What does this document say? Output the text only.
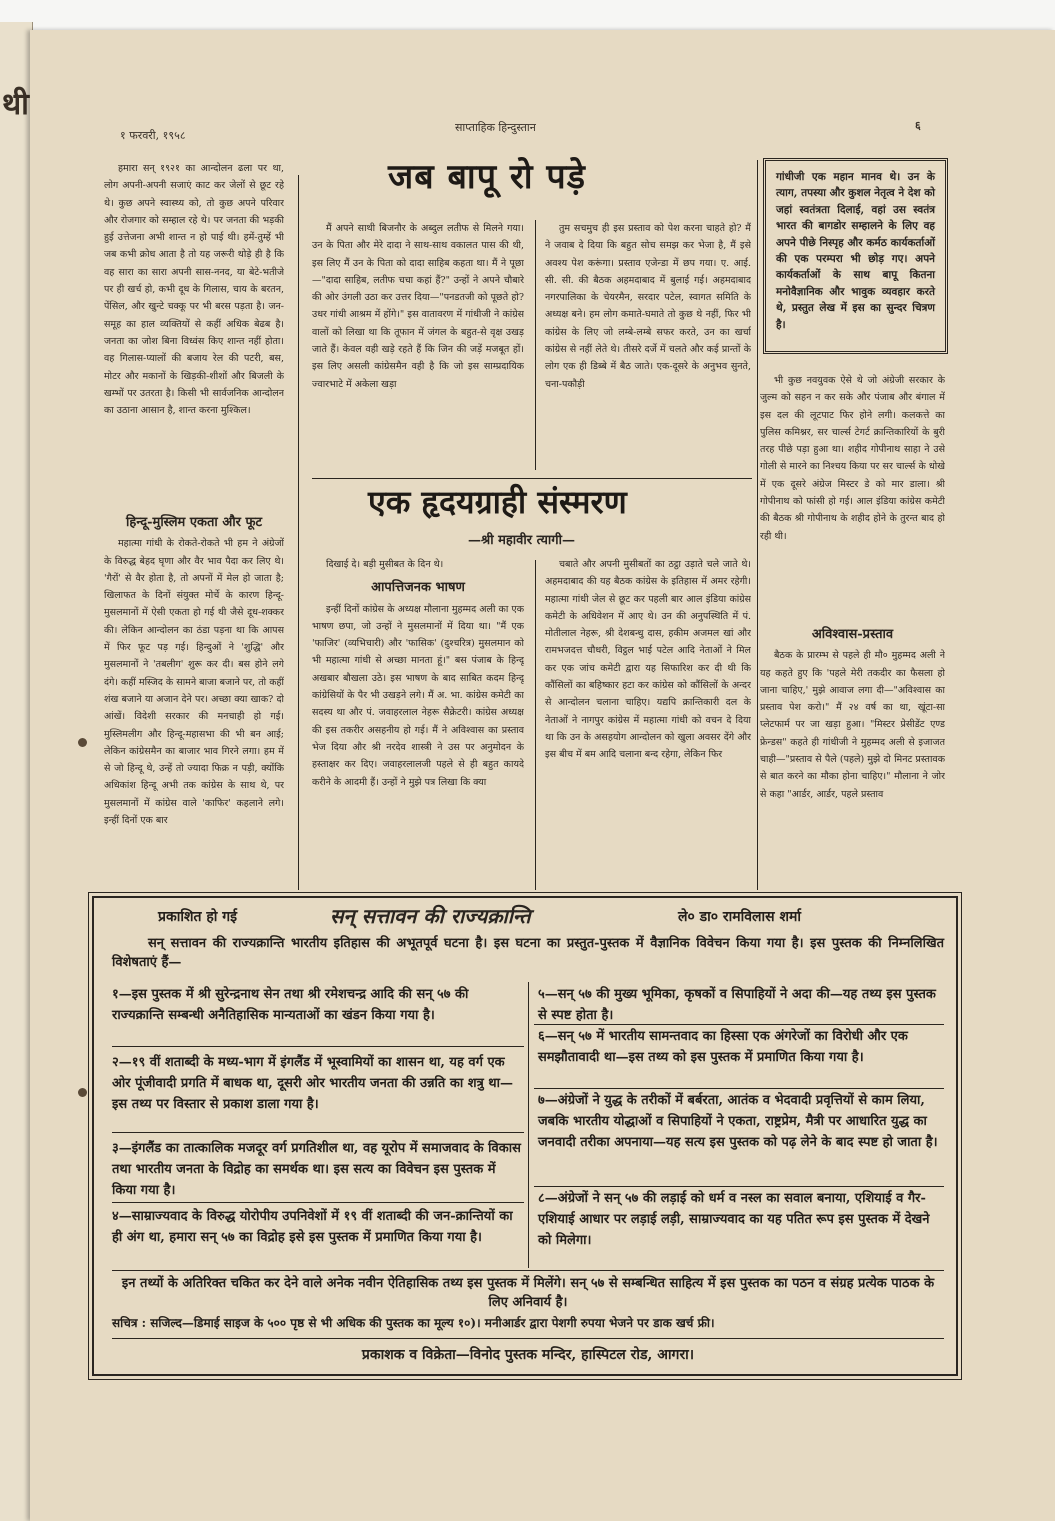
थी
१ फरवरी, १९५८
साप्ताहिक हिन्दुस्तान	६
जब बापू रो पड़े

हमारा सन् १९२१ का आन्दोलन ढला पर था, लोग अपनी-अपनी सजाएं काट कर जेलों से छूट रहे थे। कुछ अपने स्वास्थ्य को, तो कुछ अपने परिवार और रोजगार को सम्हाल रहे थे। पर जनता की भड़की हुई उत्तेजना अभी शान्त न हो पाई थी। हमें-तुम्हें भी जब कभी क्रोध आता है तो यह जरूरी थोड़े ही है कि वह सारा का सारा अपनी सास-ननद, या बेटे-भतीजे पर ही खर्च हो, कभी दूध के गिलास, चाय के बरतन, पेंसिल, और खुन्टे चक्कू पर भी बरस पड़ता है। जन-समूह का हाल व्यक्तियों से कहीं अधिक बेढब है। जनता का जोश बिना विध्वंस किए शान्त नहीं होता। वह गिलास-प्यालों की बजाय रेल की पटरी, बस, मोटर और मकानों के खिड़की-शीशों और बिजली के खम्भों पर उतरता है। किसी भी सार्वजनिक आन्दोलन का उठाना आसान है, शान्त करना मुश्किल।

हिन्दू-मुस्लिम एकता और फूट

महात्मा गांधी के रोकते-रोकते भी हम ने अंग्रेजों के विरुद्ध बेहद घृणा और वैर भाव पैदा कर लिए थे। 'गैरों' से वैर होता है, तो अपनों में मेल हो जाता है; खिलाफत के दिनों संयुक्त मोर्चे के कारण हिन्दू-मुसलमानों में ऐसी एकता हो गई थी जैसे दूध-शक्कर की। लेकिन आन्दोलन का ठंडा पड़ना था कि आपस में फिर फूट पड़ गई। हिन्दुओं ने 'शुद्धि' और मुसलमानों ने 'तबलीग' शुरू कर दी। बस होने लगे दंगे। कहीं मस्जिद के सामने बाजा बजाने पर, तो कहीं शंख बजाने या अजान देने पर। अच्छा क्या खाक? दो आंखें। विदेशी सरकार की मनचाही हो गई। मुस्लिमलीग और हिन्दू-महासभा की भी बन आई; लेकिन कांग्रेसमैन का बाजार भाव गिरने लगा। हम में से जो हिन्दू थे, उन्हें तो ज्यादा फिक्र न पड़ी, क्योंकि अधिकांश हिन्दू अभी तक कांग्रेस के साथ थे, पर मुसलमानों में कांग्रेस वाले 'काफिर' कहलाने लगे। इन्हीं दिनों एक बार

मैं अपने साथी बिजनौर के अब्दुल लतीफ से मिलने गया। उन के पिता और मेरे दादा ने साथ-साथ वकालत पास की थी, इस लिए मैं उन के पिता को दादा साहिब कहता था। मैं ने पूछा—"दादा साहिब, लतीफ चचा कहां हैं?" उन्हों ने अपने चौबारे की ओर उंगली उठा कर उत्तर दिया—"पनडतजी को पूछते हो? उधर गांधी आश्रम में होंगे।" इस वातावरण में गांधीजी ने कांग्रेस वालों को लिखा था कि तूफान में जंगल के बहुत-से वृक्ष उखड़ जाते हैं। केवल वही खड़े रहते हैं कि जिन की जड़ें मजबूत हों। इस लिए असली कांग्रेसमैन वही है कि जो इस साम्प्रदायिक ज्वारभाटे में अकेला खड़ा

तुम सचमुच ही इस प्रस्ताव को पेश करना चाहते हो? मैं ने जवाब दे दिया कि बहुत सोच समझ कर भेजा है, मैं इसे अवश्य पेश करूंगा। प्रस्ताव एजेन्डा में छप गया। ए. आई. सी. सी. की बैठक अहमदाबाद में बुलाई गई। अहमदाबाद नगरपालिका के चेयरमैन, सरदार पटेल, स्वागत समिति के अध्यक्ष बने। हम लोग कमाते-घमाते तो कुछ थे नहीं, फिर भी कांग्रेस के लिए जो लम्बे-लम्बे सफर करते, उन का खर्चा कांग्रेस से नहीं लेते थे। तीसरे दर्जे में चलते और कई प्रान्तों के लोग एक ही डिब्बे में बैठ जाते। एक-दूसरे के अनुभव सुनते, चना-पकौड़ी

गांधीजी एक महान मानव थे। उन के त्याग, तपस्या और कुशल नेतृत्व ने देश को जहां स्वतंत्रता दिलाई, वहां उस स्वतंत्र भारत की बागडोर सम्हालने के लिए वह अपने पीछे निस्पृह और कर्मठ कार्यकर्ताओं की एक परम्परा भी छोड़ गए। अपने कार्यकर्ताओं के साथ बापू कितना मनोवैज्ञानिक और भावुक व्यवहार करते थे, प्रस्तुत लेख में इस का सुन्दर चित्रण है।

भी कुछ नवयुवक ऐसे थे जो अंग्रेजी सरकार के जुल्म को सहन न कर सके और पंजाब और बंगाल में इस दल की लूटपाट फिर होने लगी। कलकत्ते का पुलिस कमिश्नर, सर चार्ल्स टेगर्ट क्रान्तिकारियों के बुरी तरह पीछे पड़ा हुआ था। शहीद गोपीनाथ साहा ने उसे गोली से मारने का निश्चय किया पर सर चार्ल्स के धोखे में एक दूसरे अंग्रेज मिस्टर डे को मार डाला। श्री गोपीनाथ को फांसी हो गई। आल इंडिया कांग्रेस कमेटी की बैठक श्री गोपीनाथ के शहीद होने के तुरन्त बाद हो रही थी।

अविश्वास-प्रस्ताव

बैठक के प्रारम्भ से पहले ही मौ० मुहम्मद अली ने यह कहते हुए कि 'पहले मेरी तकदीर का फैसला हो जाना चाहिए,' मुझे आवाज लगा दी—"अविश्वास का प्रस्ताव पेश करो।" मैं २४ वर्ष का था, खूंटा-सा प्लेटफार्म पर जा खड़ा हुआ। "मिस्टर प्रेसीडेंट एण्ड फ्रेन्डस" कहते ही गांधीजी ने मुहम्मद अली से इजाजत चाही—"प्रस्ताव से पैले (पहले) मुझे दो मिनट प्रस्तावक से बात करने का मौका होना चाहिए।" मौलाना ने जोर से कहा "आर्डर, आर्डर, पहले प्रस्ताव

एक हृदयग्राही संस्मरण
—श्री महावीर त्यागी—

दिखाई दे। बड़ी मुसीबत के दिन थे।

आपत्तिजनक भाषण

इन्हीं दिनों कांग्रेस के अध्यक्ष मौलाना मुहम्मद अली का एक भाषण छपा, जो उन्हों ने मुसलमानों में दिया था। "मैं एक 'फाजिर' (व्यभिचारी) और 'फासिक' (दुश्चरित्र) मुसलमान को भी महात्मा गांधी से अच्छा मानता हूं।" बस पंजाब के हिन्दू अखबार बौखला उठे। इस भाषण के बाद साबित कदम हिन्दू कांग्रेसियों के पैर भी उखड़ने लगे। मैं अ. भा. कांग्रेस कमेटी का सदस्य था और पं. जवाहरलाल नेहरू सैक्रेटरी। कांग्रेस अध्यक्ष की इस तकरीर असहनीय हो गई। मैं ने अविश्वास का प्रस्ताव भेज दिया और श्री नरदेव शास्त्री ने उस पर अनुमोदन के हस्ताक्षर कर दिए। जवाहरलालजी पहले से ही बहुत कायदे करीने के आदमी हैं। उन्हों ने मुझे पत्र लिखा कि क्या

चबाते और अपनी मुसीबतों का ठट्ठा उड़ाते चले जाते थे। अहमदाबाद की यह बैठक कांग्रेस के इतिहास में अमर रहेगी। महात्मा गांधी जेल से छूट कर पहली बार आल इंडिया कांग्रेस कमेटी के अधिवेशन में आए थे। उन की अनुपस्थिति में पं. मोतीलाल नेहरू, श्री देशबन्धु दास, हकीम अजमल खां और रामभजदत्त चौधरी, विट्ठल भाई पटेल आदि नेताओं ने मिल कर एक जांच कमेटी द्वारा यह सिफारिश कर दी थी कि कौंसिलों का बहिष्कार हटा कर कांग्रेस को कौंसिलों के अन्दर से आन्दोलन चलाना चाहिए। यद्यपि क्रान्तिकारी दल के नेताओं ने नागपुर कांग्रेस में महात्मा गांधी को वचन दे दिया था कि उन के असहयोग आन्दोलन को खुला अवसर देंगे और इस बीच में बम आदि चलाना बन्द रहेगा, लेकिन फिर

प्रकाशित हो गई	सन् सत्तावन की राज्यक्रान्ति	ले० डा० रामविलास शर्मा
सन् सत्तावन की राज्यक्रान्ति भारतीय इतिहास की अभूतपूर्व घटना है। इस घटना का प्रस्तुत-पुस्तक में वैज्ञानिक विवेचन किया गया है। इस पुस्तक की निम्नलिखित विशेषताएं हैं—
१—इस पुस्तक में श्री सुरेन्द्रनाथ सेन तथा श्री रमेशचन्द्र आदि की सन् ५७ की राज्यक्रान्ति सम्बन्धी अनैतिहासिक मान्यताओं का खंडन किया गया है।
२—१९ वीं शताब्दी के मध्य-भाग में इंगलैंड में भूस्वामियों का शासन था, यह वर्ग एक ओर पूंजीवादी प्रगति में बाधक था, दूसरी ओर भारतीय जनता की उन्नति का शत्रु था—इस तथ्य पर विस्तार से प्रकाश डाला गया है।
३—इंगलैंड का तात्कालिक मजदूर वर्ग प्रगतिशील था, वह यूरोप में समाजवाद के विकास तथा भारतीय जनता के विद्रोह का समर्थक था। इस सत्य का विवेचन इस पुस्तक में किया गया है।
४—साम्राज्यवाद के विरुद्ध योरोपीय उपनिवेशों में १९ वीं शताब्दी की जन-क्रान्तियों का ही अंग था, हमारा सन् ५७ का विद्रोह इसे इस पुस्तक में प्रमाणित किया गया है।
५—सन् ५७ की मुख्य भूमिका, कृषकों व सिपाहियों ने अदा की—यह तथ्य इस पुस्तक से स्पष्ट होता है।
६—सन् ५७ में भारतीय सामन्तवाद का हिस्सा एक अंगरेजों का विरोधी और एक समझौतावादी था—इस तथ्य को इस पुस्तक में प्रमाणित किया गया है।
७—अंग्रेजों ने युद्ध के तरीकों में बर्बरता, आतंक व भेदवादी प्रवृत्तियों से काम लिया, जबकि भारतीय योद्धाओं व सिपाहियों ने एकता, राष्ट्रप्रेम, मैत्री पर आधारित युद्ध का जनवादी तरीका अपनाया—यह सत्य इस पुस्तक को पढ़ लेने के बाद स्पष्ट हो जाता है।
८—अंग्रेजों ने सन् ५७ की लड़ाई को धर्म व नस्ल का सवाल बनाया, एशियाई व गैर-एशियाई आधार पर लड़ाई लड़ी, साम्राज्यवाद का यह पतित रूप इस पुस्तक में देखने को मिलेगा।
इन तथ्यों के अतिरिक्त चकित कर देने वाले अनेक नवीन ऐतिहासिक तथ्य इस पुस्तक में मिलेंगे। सन् ५७ से सम्बन्धित साहित्य में इस पुस्तक का पठन व संग्रह प्रत्येक पाठक के लिए अनिवार्य है।
सचित्र : सजिल्द—डिमाई साइज के ५०० पृष्ठ से भी अधिक की पुस्तक का मूल्य १०)। मनीआर्डर द्वारा पेशगी रुपया भेजने पर डाक खर्च फ्री।
प्रकाशक व विक्रेता—विनोद पुस्तक मन्दिर, हास्पिटल रोड, आगरा।
